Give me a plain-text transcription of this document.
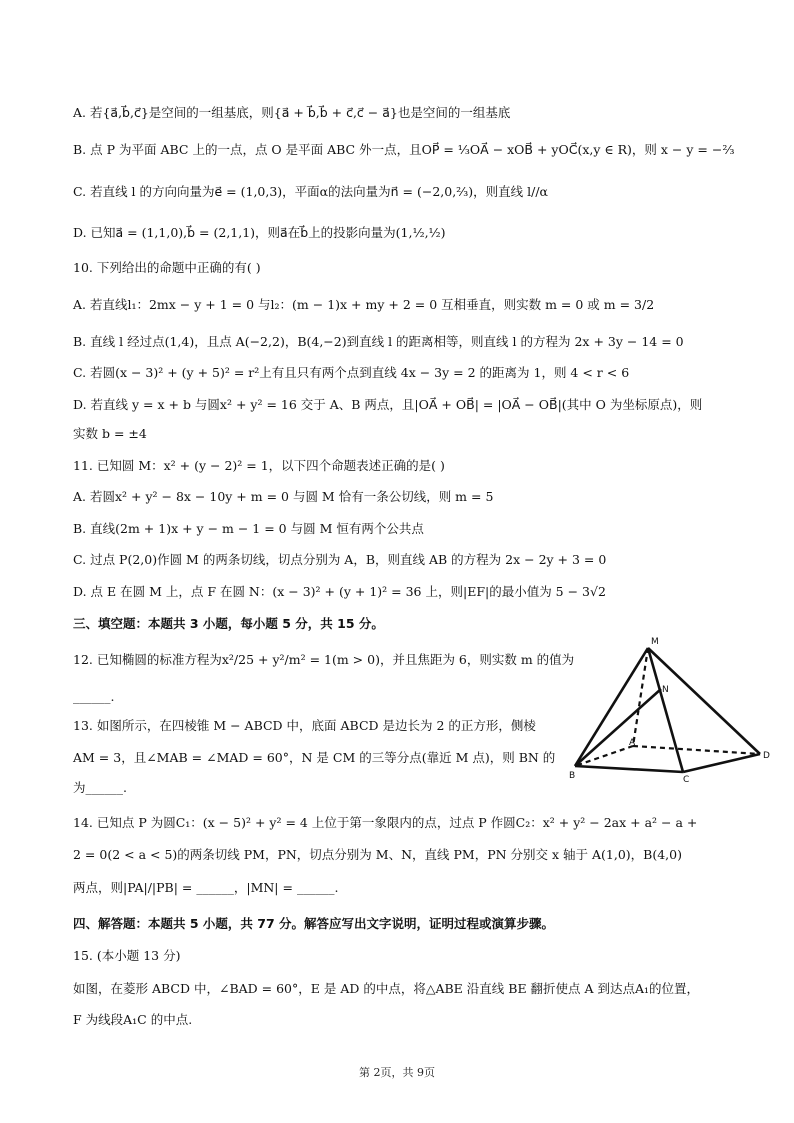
A. 若{a⃗,b⃗,c⃗}是空间的一组基底，则{a⃗ + b⃗,b⃗ + c⃗,c⃗ − a⃗}也是空间的一组基底
B. 点 P 为平面 ABC 上的一点，点 O 是平面 ABC 外一点，且OP⃗ = ⅓OA⃗ − xOB⃗ + yOC⃗(x,y ∈ R)，则 x − y = −⅔
C. 若直线 l 的方向向量为e⃗ = (1,0,3)，平面α的法向量为n⃗ = (−2,0,⅔)，则直线 l//α
D. 已知a⃗ = (1,1,0),b⃗ = (2,1,1)，则a⃗在b⃗上的投影向量为(1,½,½)
10. 下列给出的命题中正确的有( )
A. 若直线l₁：2mx − y + 1 = 0 与l₂：(m − 1)x + my + 2 = 0 互相垂直，则实数 m = 0 或 m = 3/2
B. 直线 l 经过点(1,4)，且点 A(−2,2)，B(4,−2)到直线 l 的距离相等，则直线 l 的方程为 2x + 3y − 14 = 0
C. 若圆(x − 3)² + (y + 5)² = r²上有且只有两个点到直线 4x − 3y = 2 的距离为 1，则 4 < r < 6
D. 若直线 y = x + b 与圆x² + y² = 16 交于 A、B 两点，且|OA⃗ + OB⃗| = |OA⃗ − OB⃗|(其中 O 为坐标原点)，则
实数 b = ±4
11. 已知圆 M：x² + (y − 2)² = 1，以下四个命题表述正确的是( )
A. 若圆x² + y² − 8x − 10y + m = 0 与圆 M 恰有一条公切线，则 m = 5
B. 直线(2m + 1)x + y − m − 1 = 0 与圆 M 恒有两个公共点
C. 过点 P(2,0)作圆 M 的两条切线，切点分别为 A，B，则直线 AB 的方程为 2x − 2y + 3 = 0
D. 点 E 在圆 M 上，点 F 在圆 N：(x − 3)² + (y + 1)² = 36 上，则|EF|的最小值为 5 − 3√2
三、填空题：本题共 3 小题，每小题 5 分，共 15 分。
12. 已知椭圆的标准方程为x²/25 + y²/m² = 1(m > 0)，并且焦距为 6，则实数 m 的值为
______.
13. 如图所示，在四棱锥 M − ABCD 中，底面 ABCD 是边长为 2 的正方形，侧棱
AM = 3，且∠MAB = ∠MAD = 60°，N 是 CM 的三等分点(靠近 M 点)，则 BN 的
为______.
14. 已知点 P 为圆C₁：(x − 5)² + y² = 4 上位于第一象限内的点，过点 P 作圆C₂：x² + y² − 2ax + a² − a +
2 = 0(2 < a < 5)的两条切线 PM，PN，切点分别为 M、N，直线 PM，PN 分别交 x 轴于 A(1,0)，B(4,0)
两点，则|PA|/|PB| = ______，|MN| = ______.
四、解答题：本题共 5 小题，共 77 分。解答应写出文字说明，证明过程或演算步骤。
15. (本小题 13 分)
如图，在菱形 ABCD 中，∠BAD = 60°，E 是 AD 的中点，将△ABE 沿直线 BE 翻折使点 A 到达点A₁的位置，
F 为线段A₁C 的中点.
M
N
A
B	C
D
第 2页，共 9页
